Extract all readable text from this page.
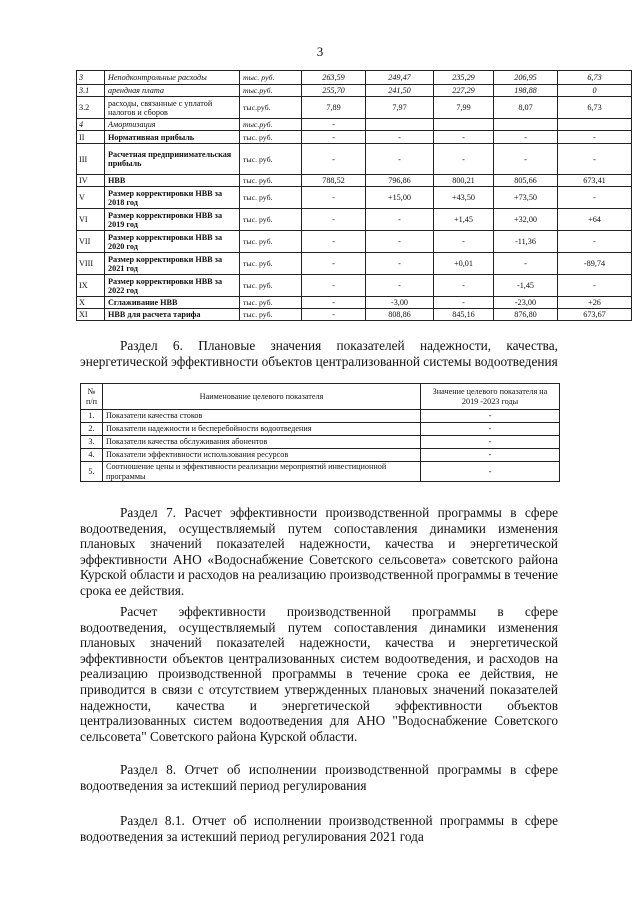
3
3	Неподконтрольные расходы	тыс. руб.	263,59	249,47	235,29	206,95	6,73
3.1	арендная плата	тыс.руб.	255,70	241,50	227,29	198,88	0
3.2	расходы, связанные с уплатой налогов и сборов	тыс.руб.	7,89	7,97	7,99	8,07	6,73
4	Амортизация	тыс.руб.	-				
II	Нормативная прибыль	тыс. руб.	-	-	-	-	-
III	Расчетная предпринимательская прибыль	тыс. руб.	-	-	-	-	-
IV	НВВ	тыс. руб.	788,52	796,86	800,21	805,66	673,41
V	Размер корректировки НВВ за 2018 год	тыс. руб.	-	+15,00	+43,50	+73,50	-
VI	Размер корректировки НВВ за 2019 год	тыс. руб.	-	-	+1,45	+32,00	+64
VII	Размер корректировки НВВ за 2020 год	тыс. руб.	-	-	-	-11,36	-
VIII	Размер корректировки НВВ за 2021 год	тыс. руб.	-	-	+0,01	-	-89,74
IX	Размер корректировки НВВ за 2022 год	тыс. руб.	-	-	-	-1,45	-
X	Сглаживание НВВ	тыс. руб.	-	-3,00	-	-23,00	+26
XI	НВВ для расчета тарифа	тыс. руб.	-	808,86	845,16	876,80	673,67
Раздел 6. Плановые значения показателей надежности, качества, энергетической эффективности объектов централизованной системы водоотведения
№ п/п	Наименование целевого показателя	Значение целевого показателя на 2019 -2023 годы
1.	Показатели качества стоков	-
2.	Показатели надежности и бесперебойности водоотведения	-
3.	Показатели качества обслуживания абонентов	-
4.	Показатели эффективности использования ресурсов	-
5.	Соотношение цены и эффективности реализации мероприятий инвестиционной программы	-
Раздел 7. Расчет эффективности производственной программы в сфере водоотведения, осуществляемый путем сопоставления динамики изменения плановых значений показателей надежности, качества и энергетической эффективности АНО «Водоснабжение Советского сельсовета» советского района Курской области и расходов на реализацию производственной программы в течение срока ее действия.
Расчет эффективности производственной программы в сфере водоотведения, осуществляемый путем сопоставления динамики изменения плановых значений показателей надежности, качества и энергетической эффективности объектов централизованных систем водоотведения, и расходов на реализацию производственной программы в течение срока ее действия, не приводится в связи с отсутствием утвержденных плановых значений показателей надежности, качества и энергетической эффективности объектов централизованных систем водоотведения для АНО "Водоснабжение Советского сельсовета" Советского района Курской области.
Раздел 8. Отчет об исполнении производственной программы в сфере водоотведения за истекший период регулирования
Раздел 8.1. Отчет об исполнении производственной программы в сфере водоотведения за истекший период регулирования 2021 года
